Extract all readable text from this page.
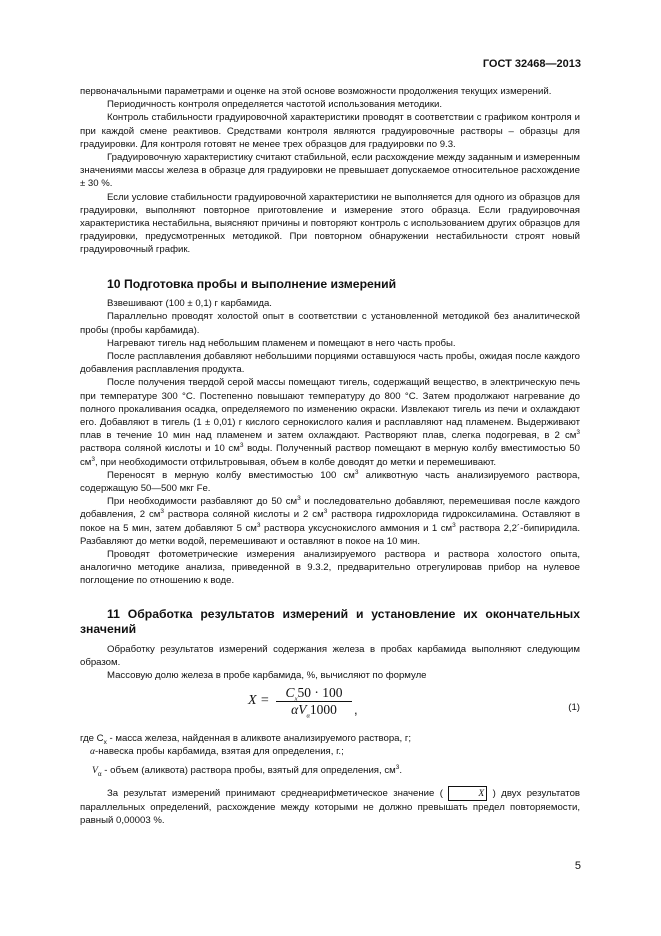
ГОСТ 32468—2013

первоначальными параметрами и оценке на этой основе возможности продолжения текущих измерений.

Периодичность контроля определяется частотой использования методики.

Контроль стабильности градуировочной характеристики проводят в соответствии с графиком контроля и при каждой смене реактивов. Средствами контроля являются градуировочные растворы – образцы для градуировки. Для контроля готовят не менее трех образцов для градуировки по 9.3.

Градуировочную характеристику считают стабильной, если расхождение между заданным и измеренным значениями массы железа в образце для градуировки не превышает допускаемое относительное расхождение ± 30 %.

Если условие стабильности градуировочной характеристики не выполняется для одного из образцов для градуировки, выполняют повторное приготовление и измерение этого образца. Если градуировочная характеристика нестабильна, выясняют причины и повторяют контроль с использованием других образцов для градуировки, предусмотренных методикой. При повторном обнаружении нестабильности строят новый градуировочный график.

10 Подготовка пробы и выполнение измерений

Взвешивают (100 ± 0,1) г карбамида.

Параллельно проводят холостой опыт в соответствии с установленной методикой без аналитической пробы (пробы карбамида).

Нагревают тигель над небольшим пламенем и помещают в него часть пробы.

После расплавления добавляют небольшими порциями оставшуюся часть пробы, ожидая после каждого добавления расплавления продукта.

После получения твердой серой массы помещают тигель, содержащий вещество, в электрическую печь при температуре 300 °C. Постепенно повышают температуру до 800 °C. Затем продолжают нагревание до полного прокаливания осадка, определяемого по изменению окраски. Извлекают тигель из печи и охлаждают его. Добавляют в тигель (1 ± 0,01) г кислого сернокислого калия и расплавляют над пламенем. Выдерживают плав в течение 10 мин над пламенем и затем охлаждают. Растворяют плав, слегка подогревая, в 2 $см^3$ раствора соляной кислоты и 10 $см^3$ воды. Полученный раствор помещают в мерную колбу вместимостью 50 $см^3$, при необходимости отфильтровывая, объем в колбе доводят до метки и перемешивают.

Переносят в мерную колбу вместимостью 100 $см^3$ аликвотную часть анализируемого раствора, содержащую 50—500 мкг Fe.

При необходимости разбавляют до 50 $см^3$ и последовательно добавляют, перемешивая после каждого добавления, 2 $см^3$ раствора соляной кислоты и 2 $см^3$ раствора гидрохлорида гидроксиламина. Оставляют в покое на 5 мин, затем добавляют 5 $см^3$ раствора уксуснокислого аммония и 1 $см^3$ раствора 2,2´-бипиридила. Разбавляют до метки водой, перемешивают и оставляют в покое на 10 мин.

Проводят фотометрические измерения анализируемого раствора и раствора холостого опыта, аналогично методике анализа, приведенной в 9.3.2, предварительно отрегулировав прибор на нулевое поглощение по отношению к воде.

11 Обработка результатов измерений и установление их окончательных значений

Обработку результатов измерений содержания железа в пробах карбамида выполняют следующим образом.

Массовую долю железа в пробе карбамида, %, вычисляют по формуле

X =
$C_x50 \cdot 100$
$\alpha V_\alpha 1000$	,	(1)

где $C_x$ - масса железа, найденная в аликвоте анализируемого раствора, г;

α-навеска пробы карбамида, взятая для определения, г.;

$V_\alpha$ - объем (аликвота) раствора пробы, взятый для определения, $см^3$.

За результат измерений принимают среднеарифметическое значение (	X ) двух результатов параллельных определений, расхождение между которыми не должно превышать предел повторяемости, равный 0,00003 %.

5
